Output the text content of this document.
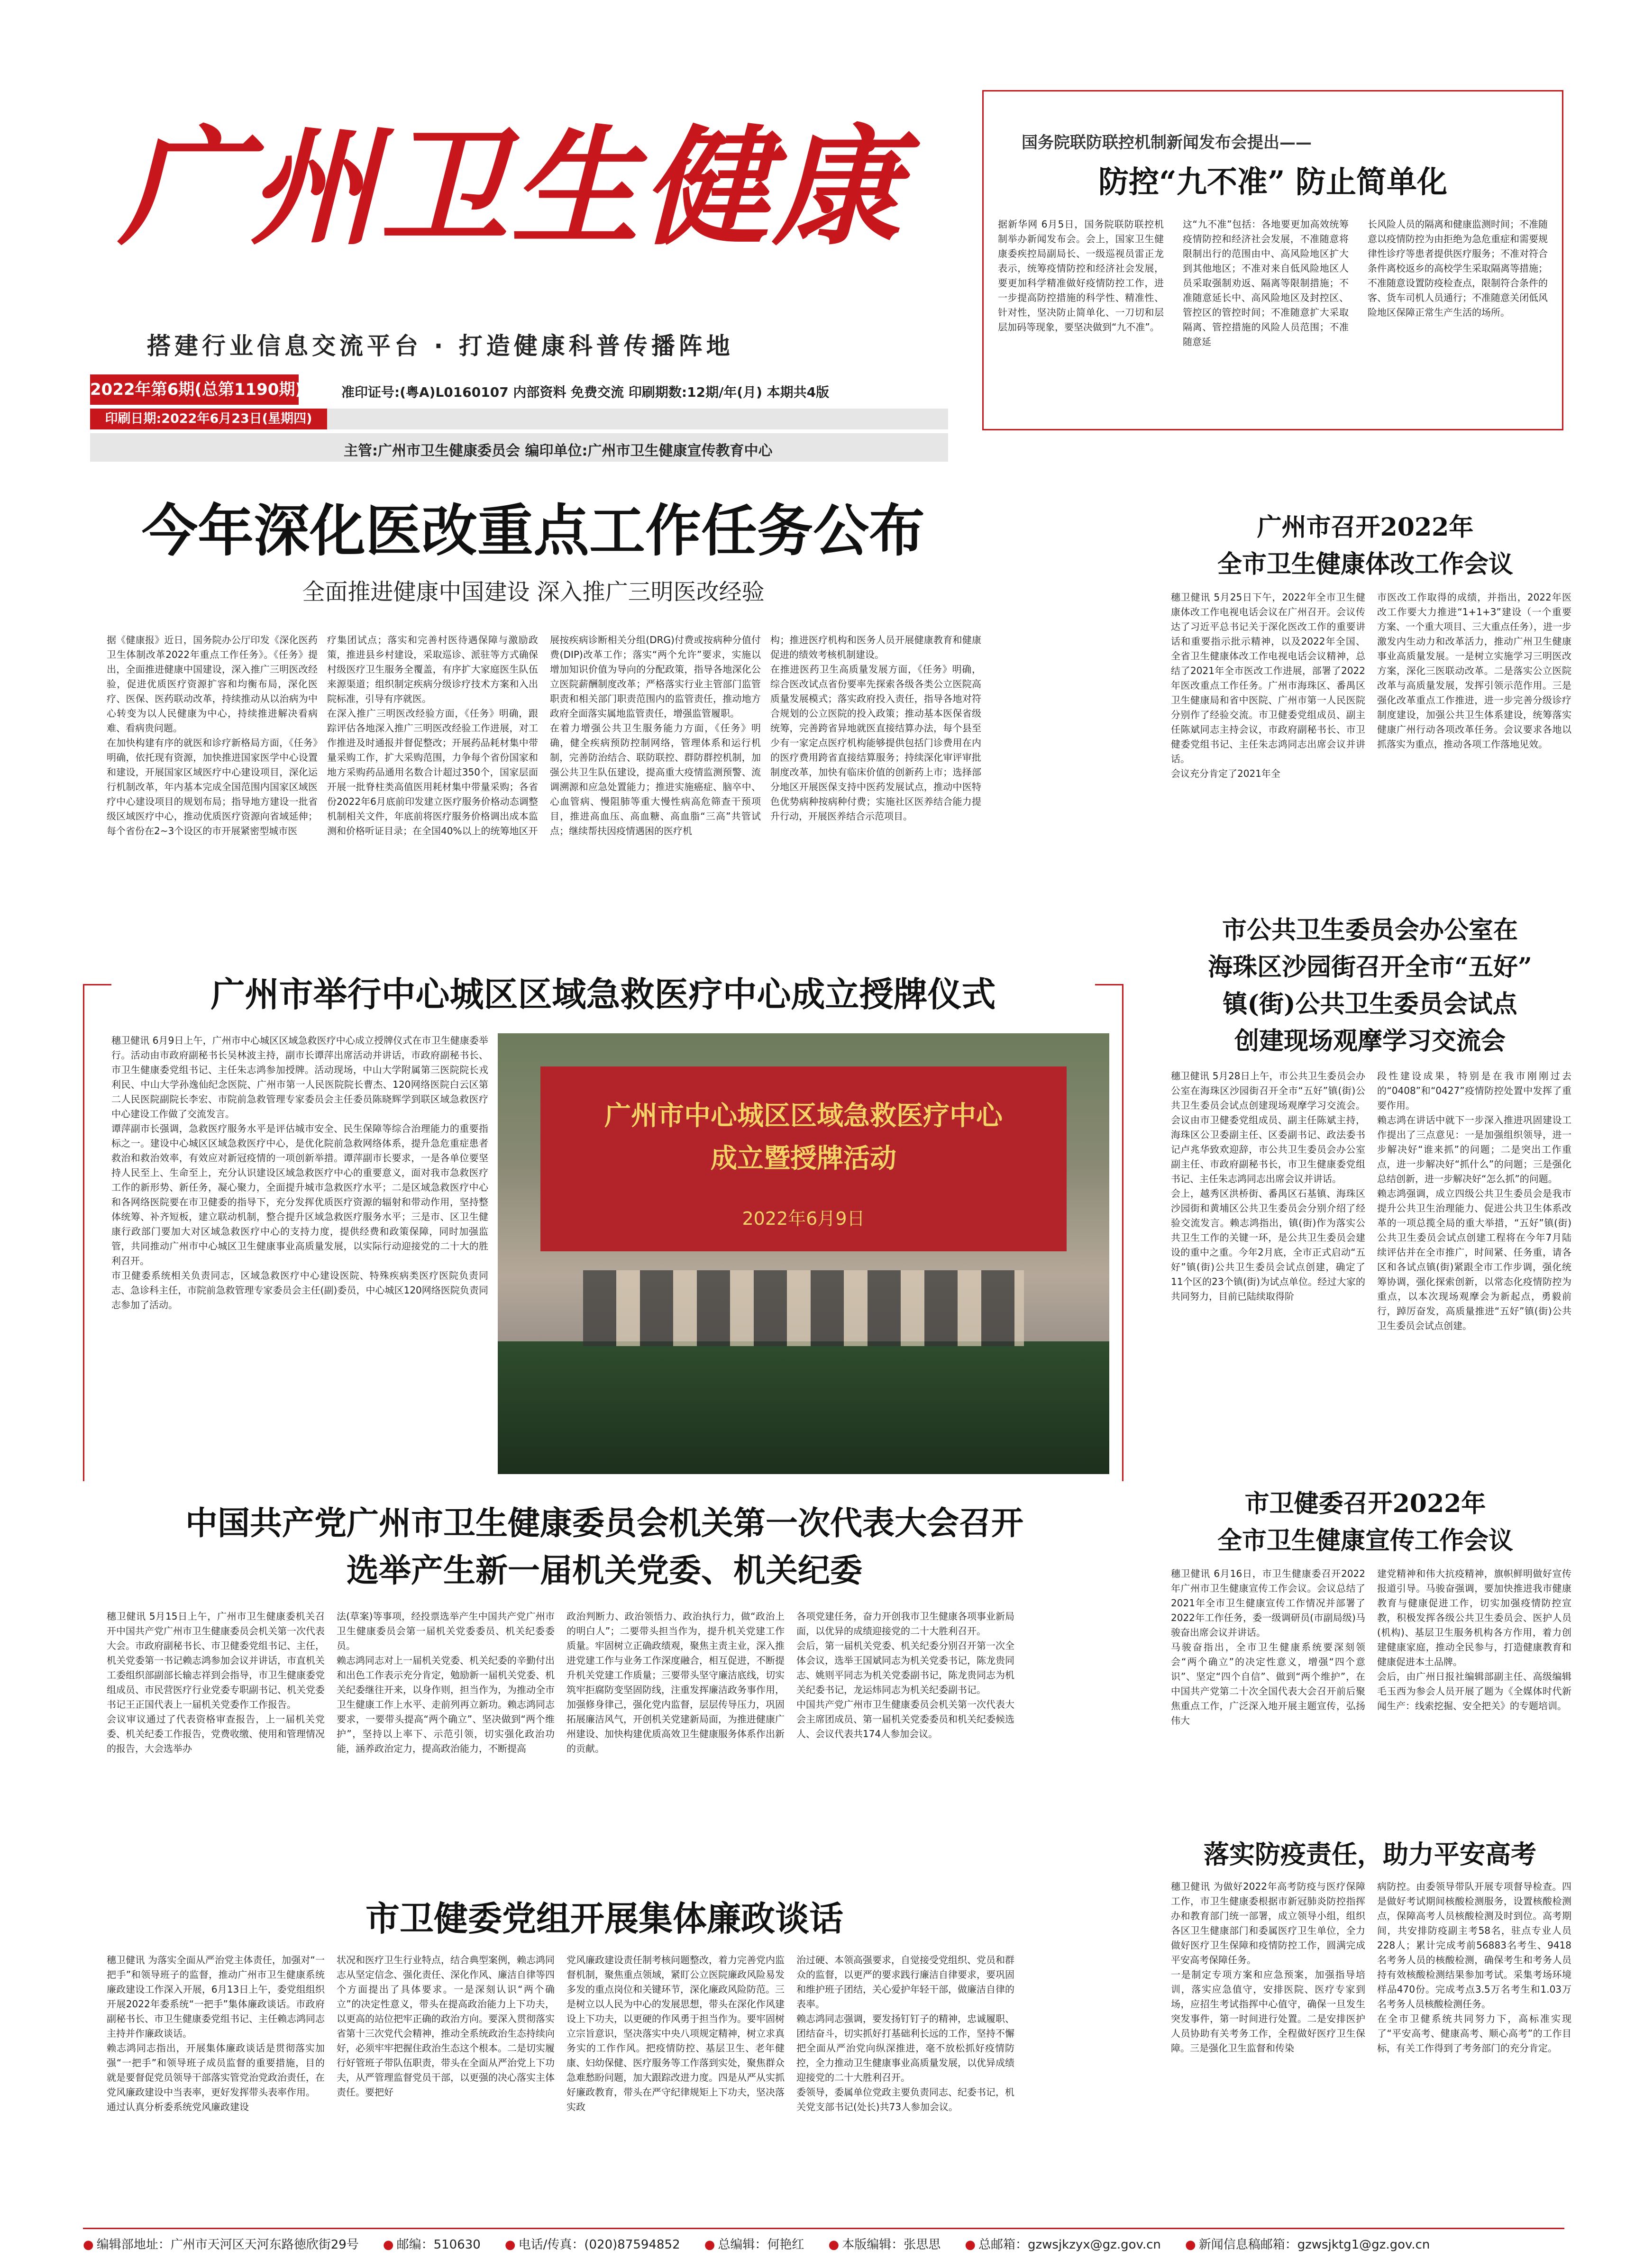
广州卫生健康
搭建行业信息交流平台 · 打造健康科普传播阵地
2022年第6期(总第1190期)	准印证号:(粤A)L0160107 内部资料 免费交流 印刷期数:12期/年(月) 本期共4版
印刷日期:2022年6月23日(星期四)
主管:广州市卫生健康委员会 编印单位:广州市卫生健康宣传教育中心
国务院联防联控机制新闻发布会提出——
防控“九不准” 防止简单化
据新华网 6月5日，国务院联防联控机制举办新闻发布会。会上，国家卫生健康委疾控局副局长、一级巡视员雷正龙表示，统筹疫情防控和经济社会发展，要更加科学精准做好疫情防控工作，进一步提高防控措施的科学性、精准性、针对性，坚决防止简单化、一刀切和层层加码等现象，要坚决做到“九不准”。
这“九不准”包括：各地要更加高效统筹疫情防控和经济社会发展，不准随意将限制出行的范围由中、高风险地区扩大到其他地区；不准对来自低风险地区人员采取强制劝返、隔离等限制措施；不准随意延长中、高风险地区及封控区、管控区的管控时间；不准随意扩大采取隔离、管控措施的风险人员范围；不准随意延
长风险人员的隔离和健康监测时间；不准随意以疫情防控为由拒绝为急危重症和需要规律性诊疗等患者提供医疗服务；不准对符合条件离校返乡的高校学生采取隔离等措施；不准随意设置防疫检查点，限制符合条件的客、货车司机人员通行；不准随意关闭低风险地区保障正常生产生活的场所。
今年深化医改重点工作任务公布
全面推进健康中国建设 深入推广三明医改经验
据《健康报》近日，国务院办公厅印发《深化医药卫生体制改革2022年重点工作任务》。《任务》提出，全面推进健康中国建设，深入推广三明医改经验，促进优质医疗资源扩容和均衡布局，深化医疗、医保、医药联动改革，持续推动从以治病为中心转变为以人民健康为中心，持续推进解决看病难、看病贵问题。
在加快构建有序的就医和诊疗新格局方面，《任务》明确，依托现有资源，加快推进国家医学中心设置和建设，开展国家区域医疗中心建设项目，深化运行机制改革，年内基本完成全国范围内国家区域医疗中心建设项目的规划布局；指导地方建设一批省级区域医疗中心，推动优质医疗资源向省域延伸；每个省份在2~3个设区的市开展紧密型城市医
疗集团试点；落实和完善村医待遇保障与激励政策，推进县乡村建设，采取巡诊、派驻等方式确保村级医疗卫生服务全覆盖，有序扩大家庭医生队伍来源渠道；组织制定疾病分级诊疗技术方案和入出院标准，引导有序就医。
在深入推广三明医改经验方面，《任务》明确，跟踪评估各地深入推广三明医改经验工作进展，对工作推进及时通报并督促整改；开展药品耗材集中带量采购工作，扩大采购范围，力争每个省份国家和地方采购药品通用名数合计超过350个，国家层面开展一批脊柱类高值医用耗材集中带量采购；各省份2022年6月底前印发建立医疗服务价格动态调整机制相关文件，年底前将医疗服务价格调出成本监测和价格听证目录；在全国40%以上的统筹地区开
展按疾病诊断相关分组(DRG)付费或按病种分值付费(DIP)改革工作；落实“两个允许”要求，实施以增加知识价值为导向的分配政策，指导各地深化公立医院薪酬制度改革；严格落实行业主管部门监管职责和相关部门职责范围内的监管责任，推动地方政府全面落实属地监管责任，增强监管履职。
在着力增强公共卫生服务能力方面，《任务》明确，健全疾病预防控制网络，管理体系和运行机制，完善防治结合、联防联控、群防群控机制，加强公共卫生队伍建设，提高重大疫情监测预警、流调溯源和应急处置能力；推进实施癌症、脑卒中、心血管病、慢阻肺等重大慢性病高危筛查干预项目，推进高血压、高血糖、高血脂“三高”共管试点；继续帮扶因疫情遇困的医疗机
构；推进医疗机构和医务人员开展健康教育和健康促进的绩效考核机制建设。
在推进医药卫生高质量发展方面，《任务》明确，综合医改试点省份要率先探索各级各类公立医院高质量发展模式；落实政府投入责任，指导各地对符合规划的公立医院的投入政策；推动基本医保省级统筹，完善跨省异地就医直接结算办法，每个县至少有一家定点医疗机构能够提供包括门诊费用在内的医疗费用跨省直接结算服务；持续深化审评审批制度改革，加快有临床价值的创新药上市；选择部分地区开展医保支持中医药发展试点，推动中医特色优势病种按病种付费；实施社区医养结合能力提升行动，开展医养结合示范项目。
广州市召开2022年
全市卫生健康体改工作会议
穗卫健讯 5月25日下午，2022年全市卫生健康体改工作电视电话会议在广州召开。会议传达了习近平总书记关于深化医改工作的重要讲话和重要指示批示精神，以及2022年全国、全省卫生健康体改工作电视电话会议精神，总结了2021年全市医改工作进展，部署了2022年医改重点工作任务。广州市海珠区、番禺区卫生健康局和省中医院、广州市第一人民医院分别作了经验交流。市卫健委党组成员、副主任陈斌同志主持会议，市政府副秘书长、市卫健委党组书记、主任朱志鸿同志出席会议并讲话。
会议充分肯定了2021年全
市医改工作取得的成绩，并指出，2022年医改工作要大力推进“1+1+3”建设（一个重要方案、一个重大项目、三大重点任务），进一步激发内生动力和改革活力，推动广州卫生健康事业高质量发展。一是树立实施学习三明医改方案，深化三医联动改革。二是落实公立医院改革与高质量发展，发挥引领示范作用。三是强化改革重点工作推进，进一步完善分级诊疗制度建设，加强公共卫生体系建设，统筹落实健康广州行动各项改革任务。会议要求各地以抓落实为重点，推动各项工作落地见效。
广州市举行中心城区区域急救医疗中心成立授牌仪式
穗卫健讯 6月9日上午，广州市中心城区区域急救医疗中心成立授牌仪式在市卫生健康委举行。活动由市政府副秘书长吴林波主持，副市长谭萍出席活动并讲话，市政府副秘书长、市卫生健康委党组书记、主任朱志鸿参加授牌。活动现场，中山大学附属第三医院院长戎利民、中山大学孙逸仙纪念医院、广州市第一人民医院院长曹杰、120网络医院白云区第二人民医院副院长李宏、市院前急救管理专家委员会主任委员陈晓辉学到联区域急救医疗中心建设工作做了交流发言。
谭萍副市长强调，急救医疗服务水平是评估城市安全、民生保障等综合治理能力的重要指标之一。建设中心城区区域急救医疗中心，是优化院前急救网络体系，提升急危重症患者救治和救治效率，有效应对新冠疫情的一项创新举措。谭萍副市长要求，一是各单位要坚持人民至上、生命至上，充分认识建设区域急救医疗中心的重要意义，面对我市急救医疗工作的新形势、新任务，凝心聚力，全面提升城市急救医疗水平；二是区域急救医疗中心和各网络医院要在市卫健委的指导下，充分发挥优质医疗资源的辐射和带动作用，坚持整体统筹、补齐短板，建立联动机制，整合提升区域急救医疗服务水平；三是市、区卫生健康行政部门要加大对区域急救医疗中心的支持力度，提供经费和政策保障，同时加强监管，共同推动广州市中心城区卫生健康事业高质量发展，以实际行动迎接党的二十大的胜利召开。
市卫健委系统相关负责同志，区域急救医疗中心建设医院、特殊疾病类医疗医院负责同志、急诊科主任，市院前急救管理专家委员会主任(副)委员，中心城区120网络医院负责同志参加了活动。
广州市中心城区区域急救医疗中心
成立暨授牌活动
2022年6月9日
市公共卫生委员会办公室在
海珠区沙园街召开全市“五好”
镇(街)公共卫生委员会试点
创建现场观摩学习交流会
穗卫健讯 5月28日上午，市公共卫生委员会办公室在海珠区沙园街召开全市“五好”镇(街)公共卫生委员会试点创建现场观摩学习交流会。会议由市卫健委党组成员、副主任陈斌主持，海珠区公卫委副主任、区委副书记、政法委书记卢兆华致欢迎辞，市公共卫生委员会办公室副主任、市政府副秘书长，市卫生健康委党组书记、主任朱志鸿同志出席会议并讲话。
会上，越秀区洪桥街、番禺区石基镇、海珠区沙园街和黄埔区公共卫生委员会分别介绍了经验交流发言。赖志鸿指出，镇(街)作为落实公共卫生工作的关键一环，是公共卫生委员会建设的重中之重。今年2月底，全市正式启动“五好”镇(街)公共卫生委员会试点创建，确定了11个区的23个镇(街)为试点单位。经过大家的共同努力，目前已陆续取得阶
段性建设成果，特别是在我市刚刚过去的“0408”和“0427”疫情防控处置中发挥了重要作用。
赖志鸿在讲话中就下一步深入推进巩固建设工作提出了三点意见：一是加强组织领导，进一步解决好“谁来抓”的问题；二是突出工作重点，进一步解决好“抓什么”的问题；三是强化总结创新，进一步解决好“怎么抓”的问题。
赖志鸿强调，成立四级公共卫生委员会是我市提升公共卫生治理能力、促进公共卫生体系改革的一项总揽全局的重大举措，“五好”镇(街)公共卫生委员会试点创建工程将在今年7月陆续评估并在全市推广，时间紧、任务重，请各区和各试点镇(街)紧跟全市工作步调，强化统筹协调，强化探索创新，以常态化疫情防控为重点，以本次现场观摩会为新起点，勇毅前行，踔厉奋发，高质量推进“五好”镇(街)公共卫生委员会试点创建。
中国共产党广州市卫生健康委员会机关第一次代表大会召开
选举产生新一届机关党委、机关纪委
穗卫健讯 5月15日上午，广州市卫生健康委机关召开中国共产党广州市卫生健康委员会机关第一次代表大会。市政府副秘书长、市卫健委党组书记、主任，机关党委第一书记赖志鸿参加会议并讲话，市直机关工委组织部副部长输志祥到会指导，市卫生健康委党组成员、市民营医疗行业党委专职副书记、机关党委书记王正国代表上一届机关党委作工作报告。
会议审议通过了代表资格审查报告，上一届机关党委、机关纪委工作报告，党费收缴、使用和管理情况的报告，大会选举办
法(草案)等事项，经投票选举产生中国共产党广州市卫生健康委员会第一届机关党委委员、机关纪委委员。
赖志鸿同志对上一届机关党委、机关纪委的辛勤付出和出色工作表示充分肯定，勉励新一届机关党委、机关纪委继往开来，以身作则，担当作为，为推动全市卫生健康工作上水平、走前列再立新功。赖志鸿同志要求，一要带头提高“两个确立”、坚决做到“两个维护”，坚持以上率下、示范引领，切实强化政治功能，涵养政治定力，提高政治能力，不断提高
政治判断力、政治领悟力、政治执行力，做“政治上的明白人”；二要带头担当作为，提升机关党建工作质量。牢固树立正确政绩观，聚焦主责主业，深入推进党建工作与业务工作深度融合，相互促进，不断提升机关党建工作质量；三要带头坚守廉洁底线，切实筑牢拒腐防变坚固防线，注重发挥廉洁政务事作用，加强修身律己，强化党内监督，层层传导压力，巩固拓展廉洁风气，开创机关党建新局面，为推进健康广州建设、加快构建优质高效卫生健康服务体系作出新的贡献。
各项党建任务，奋力开创我市卫生健康各项事业新局面，以优异的成绩迎接党的二十大胜利召开。
会后，第一届机关党委、机关纪委分别召开第一次全体会议，选举王国斌同志为机关党委书记，陈龙贵同志、姚则平同志为机关党委副书记，陈龙贵同志为机关纪委书记，龙运炜同志为机关纪委副书记。
中国共产党广州市卫生健康委员会机关第一次代表大会主席团成员、第一届机关党委委员和机关纪委候选人、会议代表共174人参加会议。
市卫健委召开2022年
全市卫生健康宣传工作会议
穗卫健讯 6月16日，市卫生健康委召开2022年广州市卫生健康宣传工作会议。会议总结了2021年全市卫生健康宣传工作情况并部署了2022年工作任务，委一级调研员(市副局级)马骏奋出席会议并讲话。
马骏奋指出，全市卫生健康系统要深刻领会“两个确立”的决定性意义，增强“四个意识”、坚定“四个自信”、做到“两个维护”，在中国共产党第二十次全国代表大会召开前后聚焦重点工作，广泛深入地开展主题宣传，弘扬伟大
建党精神和伟大抗疫精神，旗帜鲜明做好宣传报道引导。马骏奋强调，要加快推进我市健康教育与健康促进工作，切实加强疫情防控宣教，积极发挥各级公共卫生委员会、医护人员(机构)、基层卫生服务机构各方作用，着力创建健康家庭，推动全民参与，打造健康教育和健康促进本土品牌。
会后，由广州日报社编辑部副主任、高级编辑毛玉西为参会人员开展了题为《全媒体时代新闻生产：线索挖掘、安全把关》的专题培训。
市卫健委党组开展集体廉政谈话
穗卫健讯 为落实全面从严治党主体责任，加强对“一把手”和领导班子的监督，推动广州市卫生健康系统廉政建设工作深入开展，6月13日上午，委党组组织开展2022年委系统“一把手”集体廉政谈话。市政府副秘书长、市卫生健康委党组书记、主任赖志鸿同志主持并作廉政谈话。
赖志鸿同志指出，开展集体廉政谈话是贯彻落实加强“一把手”和领导班子成员监督的重要措施，目的就是要督促党员领导干部落实管党治党政治责任，在党风廉政建设中当表率，更好发挥带头表率作用。
通过认真分析委系统党风廉政建设
状况和医疗卫生行业特点，结合典型案例，赖志鸿同志从坚定信念、强化责任、深化作风、廉洁自律等四个方面提出了具体要求。一是深刻认识“两个确立”的决定性意义，带头在提高政治能力上下功夫，以更高的站位把牢正确的政治方向。要深入贯彻落实省第十三次党代会精神，推动全系统政治生态持续向好，必须牢牢把握住政治生态这个根本。二是切实履行好管班子带队伍职责，带头在全面从严治党上下功夫，从严管理监督党员干部，以更强的决心落实主体责任。要把好
党风廉政建设责任制考核问题整改，着力完善党内监督机制，聚焦重点领域，紧盯公立医院廉政风险易发多发的重点岗位和关键环节，深化廉政风险防范。三是树立以人民为中心的发展思想，带头在深化作风建设上下功夫，以更硬的作风勇于担当作为。要牢固树立宗旨意识，坚决落实中央八项规定精神，树立求真务实的工作作风。把疫情防控、基层卫生、老年健康、妇幼保健、医疗服务等工作落到实处，聚焦群众急难愁盼问题，加大跟踪改进力度。四是从严从实抓好廉政教育，带头在严守纪律规矩上下功夫，坚决落实政
治过硬、本领高强要求，自觉接受党组织、党员和群众的监督，以更严的要求践行廉洁自律要求，要巩固和维护班子团结，关心爱护年轻干部，做廉洁自律的表率。
赖志鸿同志强调，要发扬钉钉子的精神，忠诚履职、团结奋斗，切实抓好打基础利长远的工作，坚持不懈把全面从严治党向纵深推进，毫不放松抓好疫情防控，全力推动卫生健康事业高质量发展，以优异成绩迎接党的二十大胜利召开。
委领导，委属单位党政主要负责同志、纪委书记，机关党支部书记(处长)共73人参加会议。
落实防疫责任，助力平安高考
穗卫健讯 为做好2022年高考防疫与医疗保障工作，市卫生健康委根据市新冠肺炎防控指挥办和教育部门统一部署，成立领导小组，组织各区卫生健康部门和委属医疗卫生单位，全力做好医疗卫生保障和疫情防控工作，圆满完成平安高考保障任务。
一是制定专项方案和应急预案，加强指导培训，落实应急值守，安排医院、医疗专家到场，应招生考试指挥中心值守，确保一旦发生突发事件，第一时间进行处置。二是安排医护人员协助有关考务工作，全程做好医疗卫生保障。三是强化卫生监督和传染
病防控。由委领导带队开展专项督导检查。四是做好考试期间核酸检测服务，设置核酸检测点，保障高考人员核酸检测及时到位。高考期间，共安排防疫副主考58名，驻点专业人员228人；累计完成考前56883名考生、9418名考务人员的核酸检测，确保考生和考务人员持有效核酸检测结果参加考试。采集考场环境样品470份。完成考点3.5万名考生和1.03万名考务人员核酸检测任务。
在全市卫健系统共同努力下，高标准实现了“平安高考、健康高考、顺心高考”的工作目标，有关工作得到了考务部门的充分肯定。
● 编辑部地址：广州市天河区天河东路徳欣街29号 ● 邮编：510630 ● 电话/传真：(020)87594852 ● 总编辑：何艳红 ● 本版编辑：张思思 ● 总邮箱：gzwsjkzyx@gz.gov.cn ● 新闻信息稿邮箱：gzwsjktg1@gz.gov.cn
